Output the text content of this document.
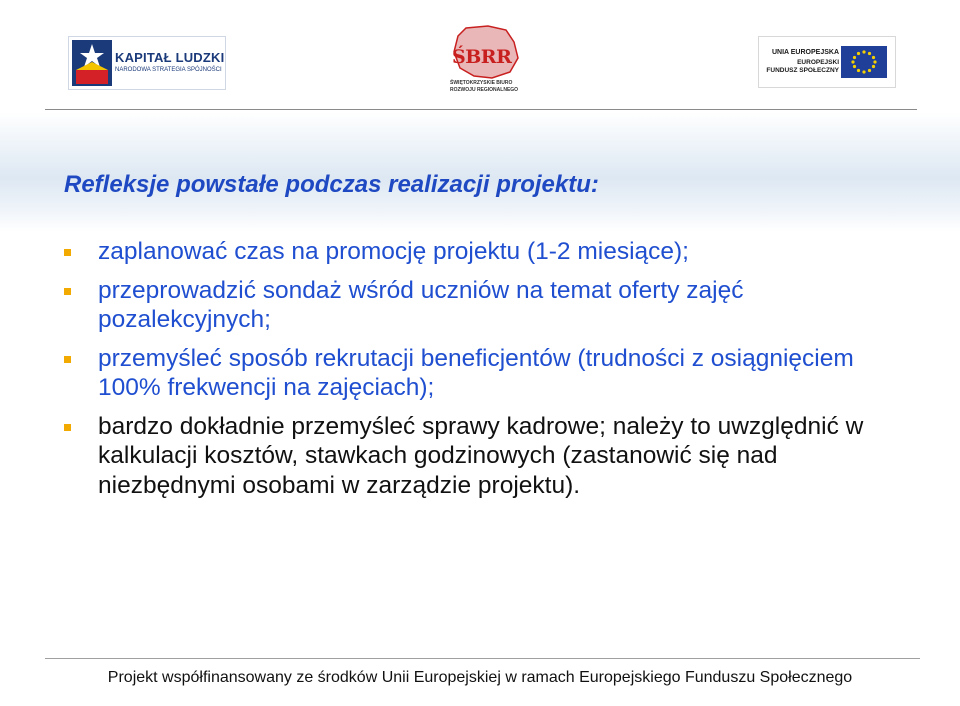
KAPITAŁ LUDZKI
NARODOWA STRATEGIA SPÓJNOŚCI
ŚBRR
ŚWIĘTOKRZYSKIE BIURO
ROZWOJU REGIONALNEGO
UNIA EUROPEJSKA
EUROPEJSKI
FUNDUSZ SPOŁECZNY
Refleksje powstałe podczas realizacji projektu:
zaplanować czas na promocję projektu (1-2 miesiące);
przeprowadzić sondaż wśród uczniów na temat oferty zajęć pozalekcyjnych;
przemyśleć sposób rekrutacji beneficjentów (trudności z osiągnięciem 100% frekwencji na zajęciach);
bardzo dokładnie przemyśleć sprawy kadrowe; należy to uwzględnić w kalkulacji kosztów, stawkach godzinowych (zastanowić się nad niezbędnymi osobami w zarządzie projektu).
Projekt współfinansowany ze środków Unii Europejskiej w ramach Europejskiego Funduszu Społecznego
